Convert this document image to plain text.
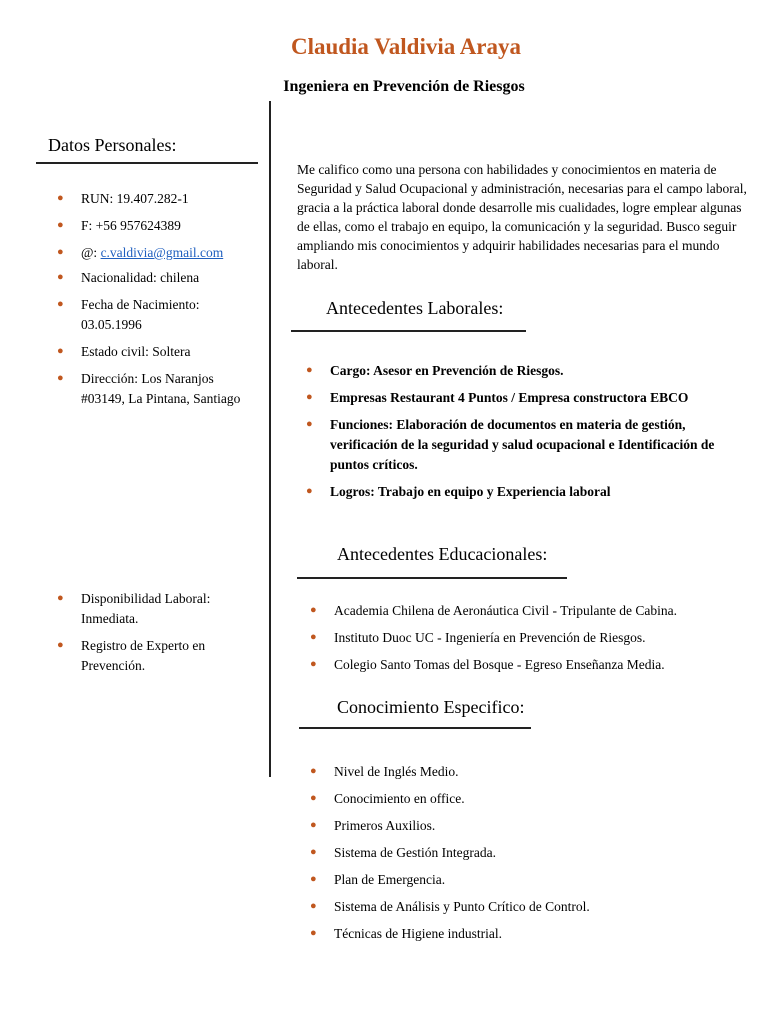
Claudia Valdivia Araya
Ingeniera en Prevención de Riesgos
Datos Personales:
● RUN: 19.407.282-1
● F: +56 957624389
● @: c.valdivia@gmail.com
● Nacionalidad: chilena
● Fecha de Nacimiento: 03.05.1996
● Estado civil: Soltera
● Dirección: Los Naranjos #03149, La Pintana, Santiago
● Disponibilidad Laboral: Inmediata.
● Registro de Experto en Prevención.
Me califico como una persona con habilidades y conocimientos en materia de Seguridad y Salud Ocupacional y administración, necesarias para el campo laboral, gracia a la práctica laboral donde desarrolle mis cualidades, logre emplear algunas de ellas, como el trabajo en equipo, la comunicación y la seguridad. Busco seguir ampliando mis conocimientos y adquirir habilidades necesarias para el mundo laboral.
Antecedentes Laborales:
● Cargo: Asesor en Prevención de Riesgos.
● Empresas Restaurant 4 Puntos / Empresa constructora EBCO
● Funciones: Elaboración de documentos en materia de gestión, verificación de la seguridad y salud ocupacional e Identificación de puntos críticos.
● Logros: Trabajo en equipo y Experiencia laboral
Antecedentes Educacionales:
● Academia Chilena de Aeronáutica Civil - Tripulante de Cabina.
● Instituto Duoc UC - Ingeniería en Prevención de Riesgos.
● Colegio Santo Tomas del Bosque - Egreso Enseñanza Media.
Conocimiento Especifico:
● Nivel de Inglés Medio.
● Conocimiento en office.
● Primeros Auxilios.
● Sistema de Gestión Integrada.
● Plan de Emergencia.
● Sistema de Análisis y Punto Crítico de Control.
● Técnicas de Higiene industrial.
